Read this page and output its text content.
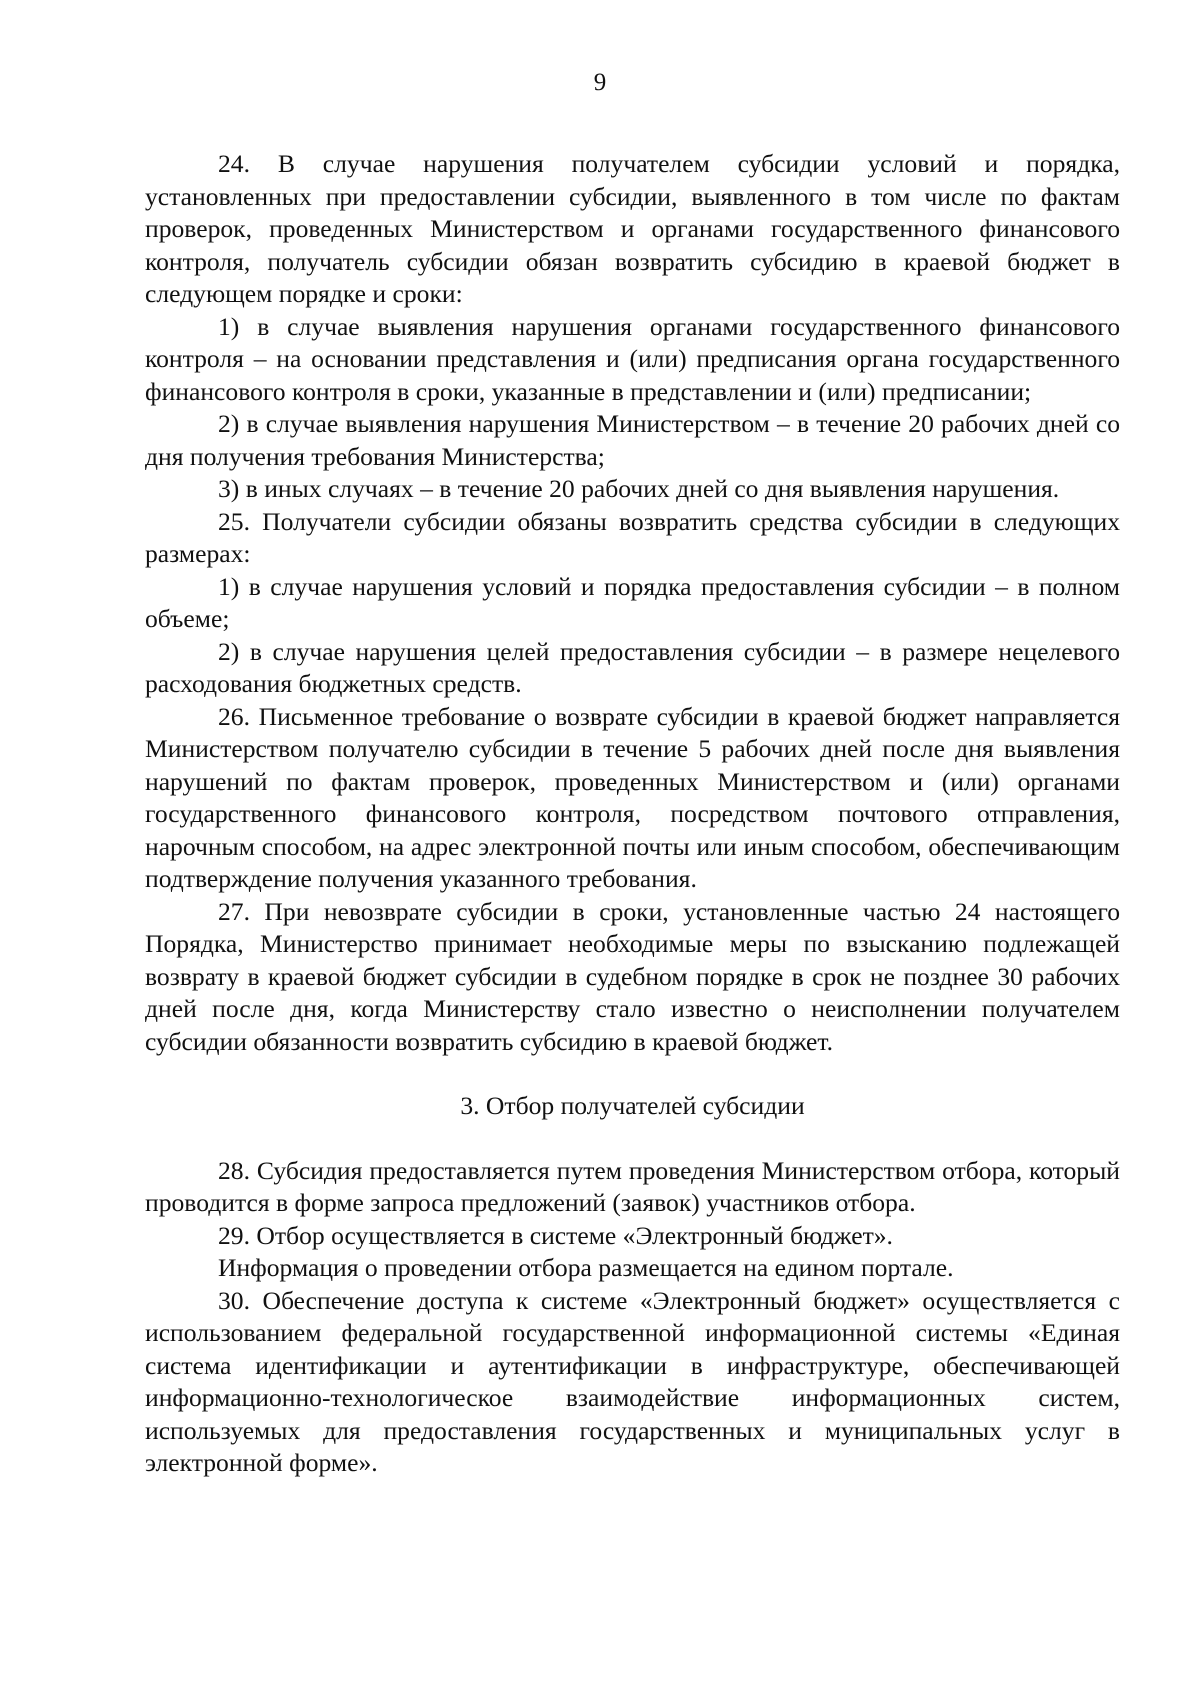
9

24. В случае нарушения получателем субсидии условий и порядка, установленных при предоставлении субсидии, выявленного в том числе по фактам проверок, проведенных Министерством и органами государственного финансового контроля, получатель субсидии обязан возвратить субсидию в краевой бюджет в следующем порядке и сроки:

1) в случае выявления нарушения органами государственного финансового контроля – на основании представления и (или) предписания органа государственного финансового контроля в сроки, указанные в представлении и (или) предписании;

2) в случае выявления нарушения Министерством – в течение 20 рабочих дней со дня получения требования Министерства;

3) в иных случаях – в течение 20 рабочих дней со дня выявления нарушения.

25. Получатели субсидии обязаны возвратить средства субсидии в следующих размерах:

1) в случае нарушения условий и порядка предоставления субсидии – в полном объеме;

2) в случае нарушения целей предоставления субсидии – в размере нецелевого расходования бюджетных средств.

26. Письменное требование о возврате субсидии в краевой бюджет направляется Министерством получателю субсидии в течение 5 рабочих дней после дня выявления нарушений по фактам проверок, проведенных Министерством и (или) органами государственного финансового контроля, посредством почтового отправления, нарочным способом, на адрес электронной почты или иным способом, обеспечивающим подтверждение получения указанного требования.

27. При невозврате субсидии в сроки, установленные частью 24 настоящего Порядка, Министерство принимает необходимые меры по взысканию подлежащей возврату в краевой бюджет субсидии в судебном порядке в срок не позднее 30 рабочих дней после дня, когда Министерству стало известно о неисполнении получателем субсидии обязанности возвратить субсидию в краевой бюджет.

3. Отбор получателей субсидии

28. Субсидия предоставляется путем проведения Министерством отбора, который проводится в форме запроса предложений (заявок) участников отбора.

29. Отбор осуществляется в системе «Электронный бюджет».

Информация о проведении отбора размещается на едином портале.

30. Обеспечение доступа к системе «Электронный бюджет» осуществляется с использованием федеральной государственной информационной системы «Единая система идентификации и аутентификации в инфраструктуре, обеспечивающей информационно-технологическое взаимодействие информационных систем, используемых для предоставления государственных и муниципальных услуг в электронной форме».
